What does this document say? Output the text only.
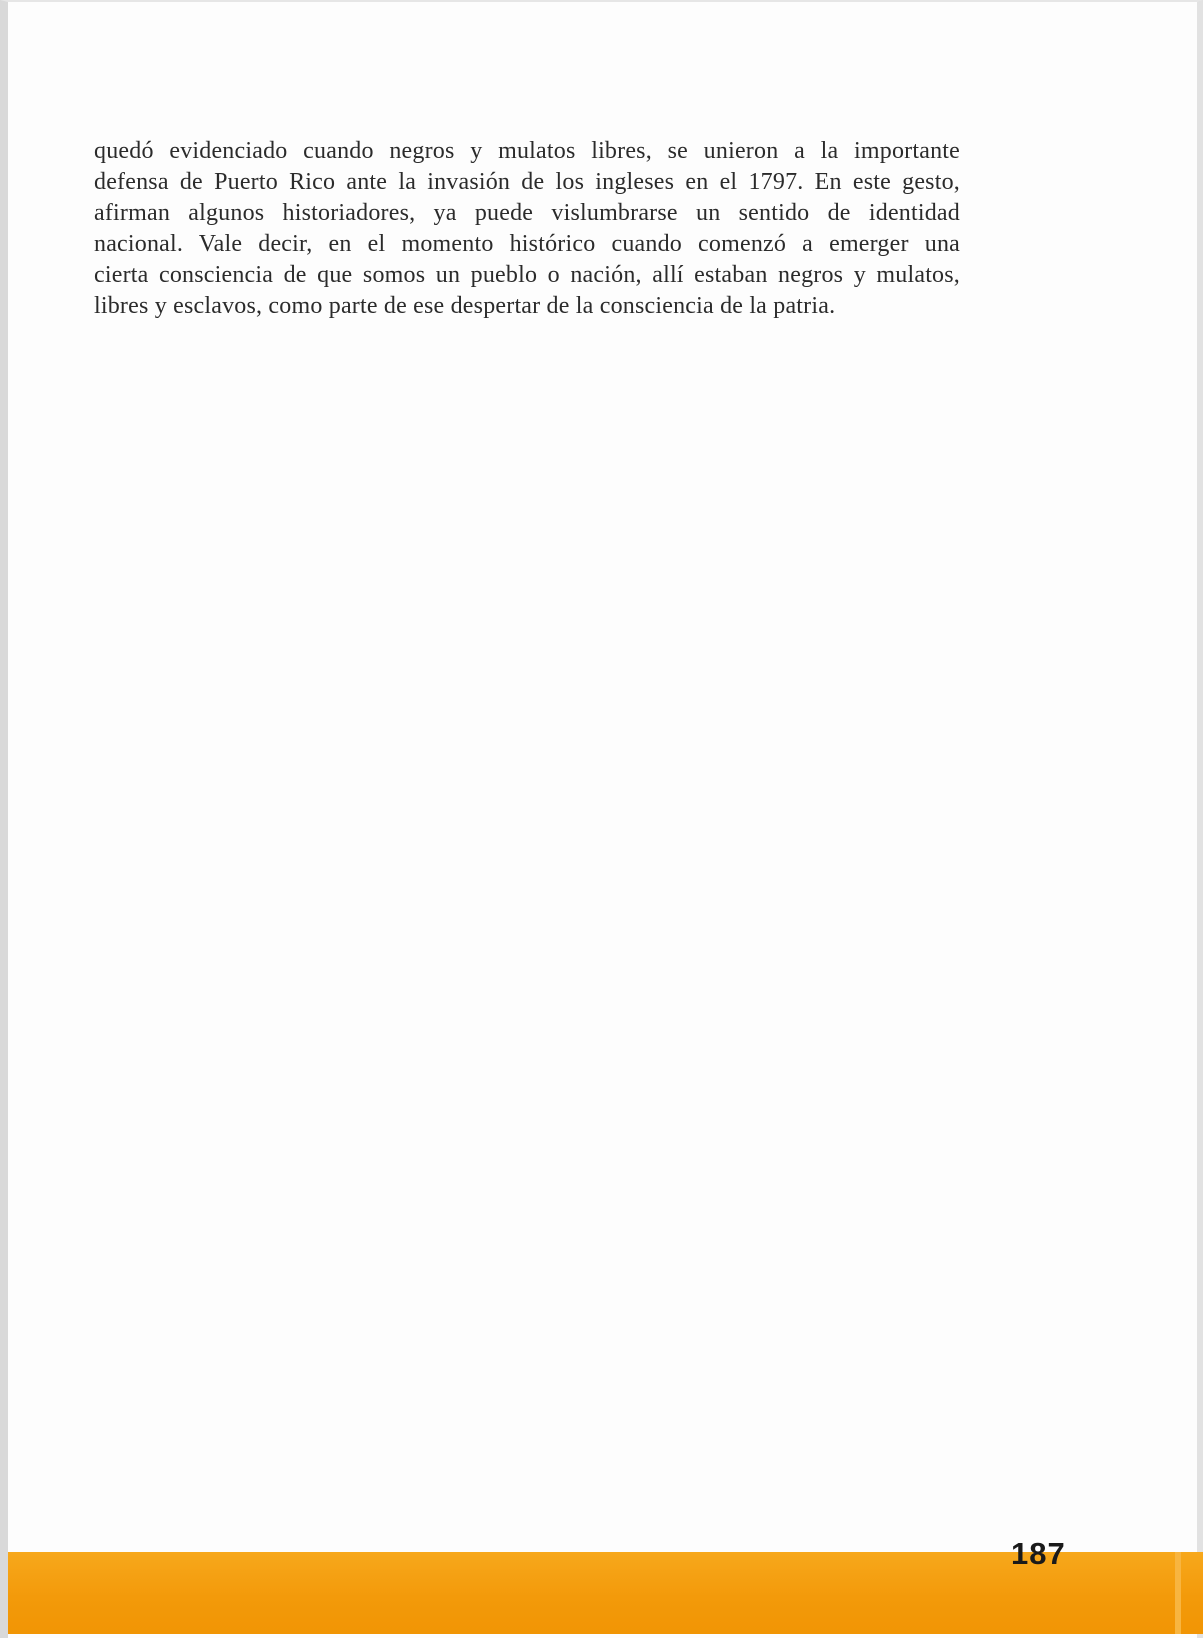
quedó evidenciado cuando negros y mulatos libres, se unieron a la importante
defensa de Puerto Rico ante la invasión de los ingleses en el 1797. En este gesto,
afirman algunos historiadores, ya puede vislumbrarse un sentido de identidad
nacional. Vale decir, en el momento histórico cuando comenzó a emerger una
cierta consciencia de que somos un pueblo o nación, allí estaban negros y mulatos,
libres y esclavos, como parte de ese despertar de la consciencia de la patria.

187
